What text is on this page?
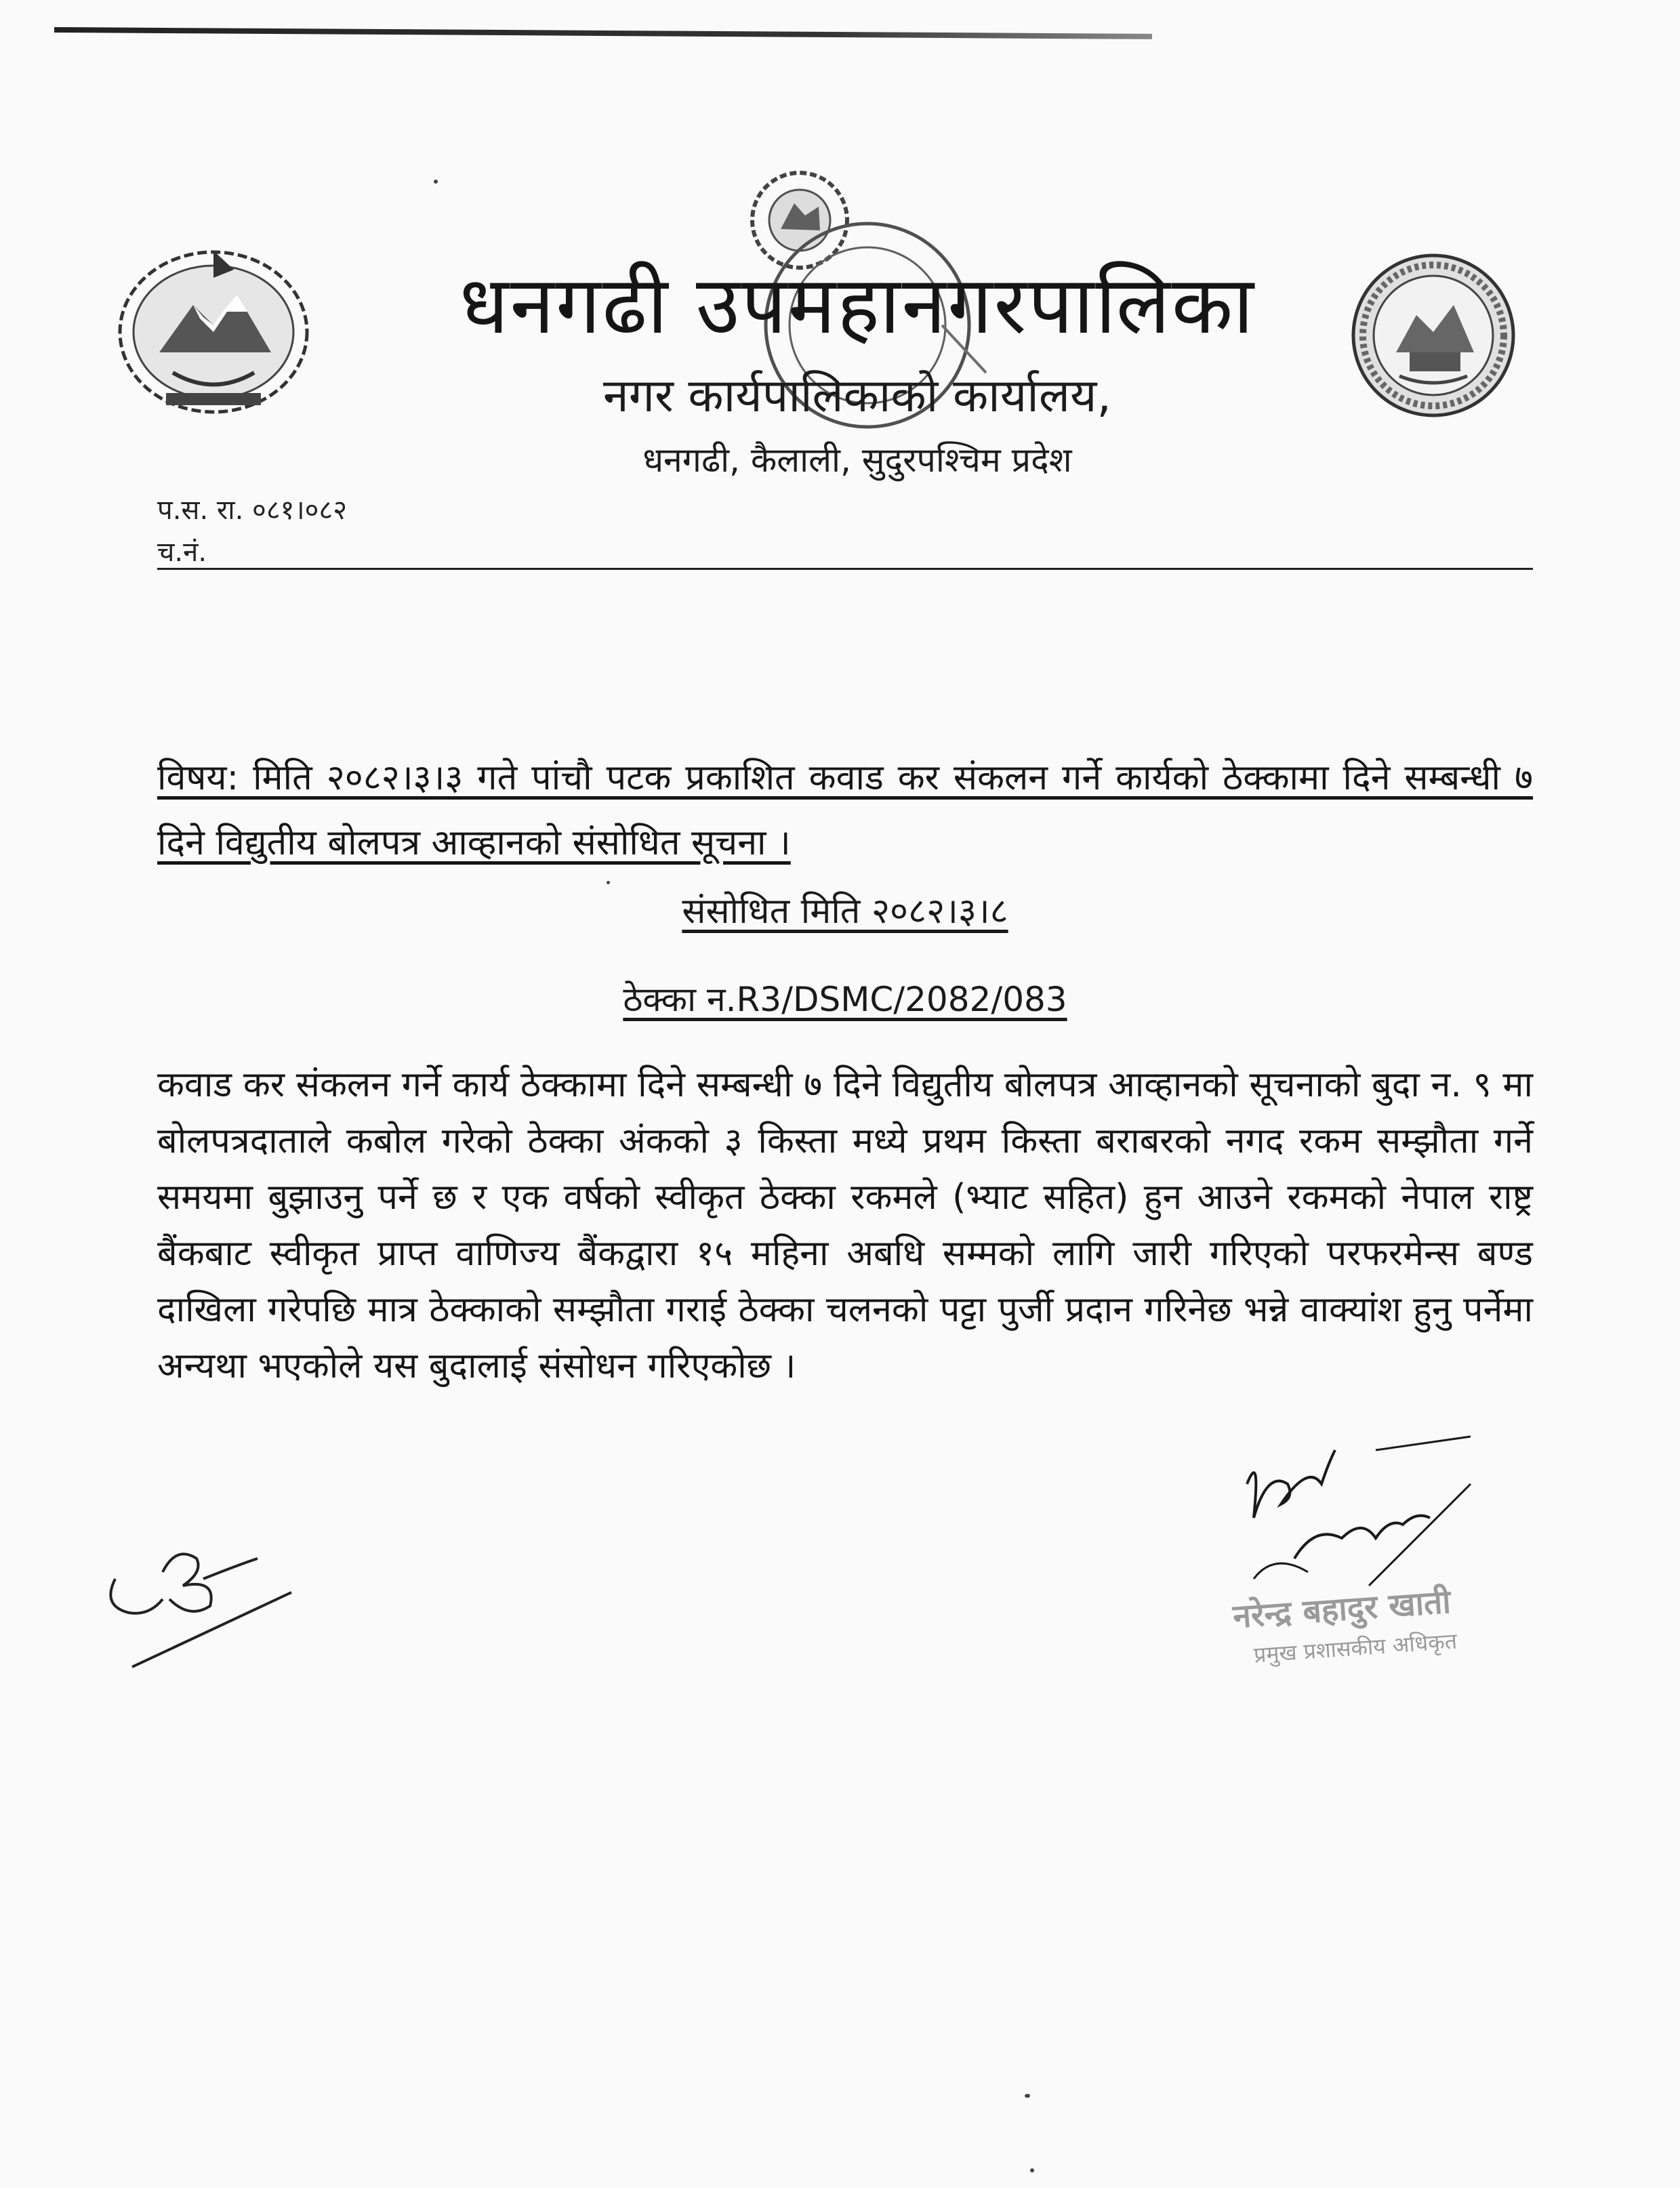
धनगढी उपमहानगरपालिका
नगर कार्यपालिकाको कार्यालय,
धनगढी, कैलाली, सुदुरपश्चिम प्रदेश
प.स. रा. ०८१।०८२
च.नं.
विषय: मिति २०८२।३।३ गते पांचौ पटक प्रकाशित कवाड कर संकलन गर्ने कार्यको ठेक्कामा दिने सम्बन्धी ७ दिने विद्युतीय बोलपत्र आव्हानको संसोधित सूचना ।
संसोधित मिति २०८२।३।८
ठेक्का न.R3/DSMC/2082/083
कवाड कर संकलन गर्ने कार्य ठेक्कामा दिने सम्बन्धी ७ दिने विद्युतीय बोलपत्र आव्हानको सूचनाको बुदा न. ९ मा बोलपत्रदाताले कबोल गरेको ठेक्का अंकको ३ किस्ता मध्ये प्रथम किस्ता बराबरको नगद रकम सम्झौता गर्ने समयमा बुझाउनु पर्ने छ र एक वर्षको स्वीकृत ठेक्का रकमले (भ्याट सहित) हुन आउने रकमको नेपाल राष्ट्र बैंकबाट स्वीकृत प्राप्त वाणिज्य बैंकद्वारा १५ महिना अबधि सम्मको लागि जारी गरिएको परफरमेन्स बण्ड दाखिला गरेपछि मात्र ठेक्काको सम्झौता गराई ठेक्का चलनको पट्टा पुर्जी प्रदान गरिनेछ भन्ने वाक्यांश हुनु पर्नेमा अन्यथा भएकोले यस बुदालाई संसोधन गरिएकोछ ।
नरेन्द्र बहादुर खाती
प्रमुख प्रशासकीय अधिकृत
